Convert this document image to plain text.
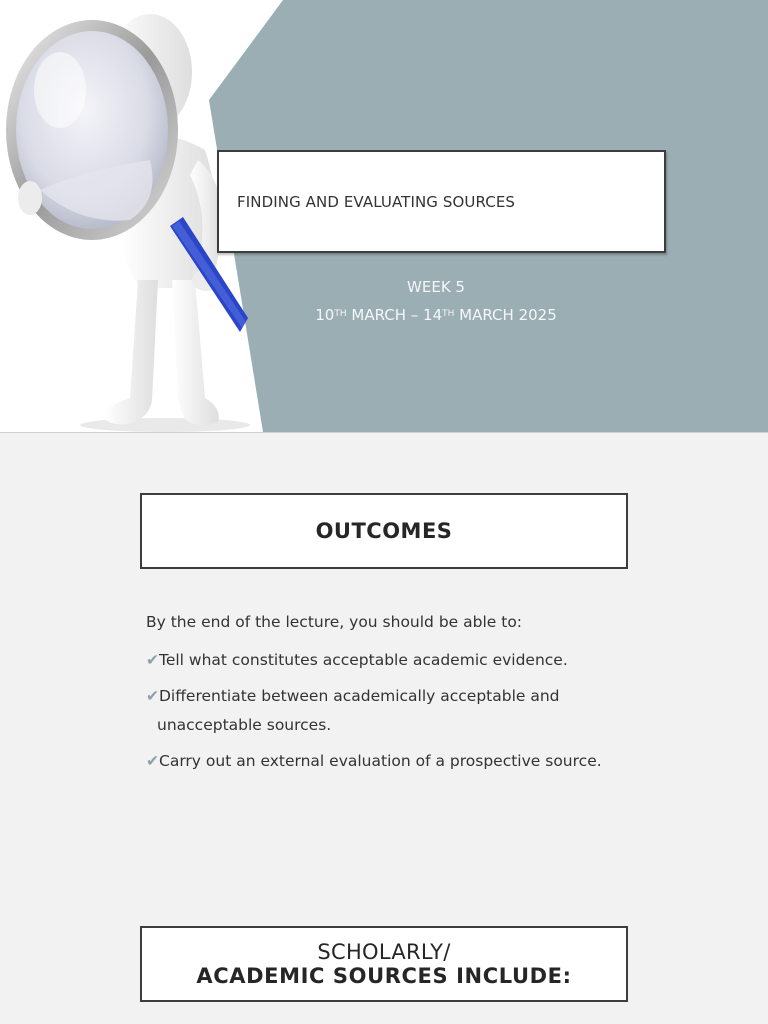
FINDING AND EVALUATING SOURCES
WEEK 5
10TH MARCH – 14TH MARCH 2025
OUTCOMES
By the end of the lecture, you should be able to:
✔Tell what constitutes acceptable academic evidence.
✔Differentiate between academically acceptable and
unacceptable sources.
✔Carry out an external evaluation of a prospective source.
SCHOLARLY/
ACADEMIC SOURCES INCLUDE:
